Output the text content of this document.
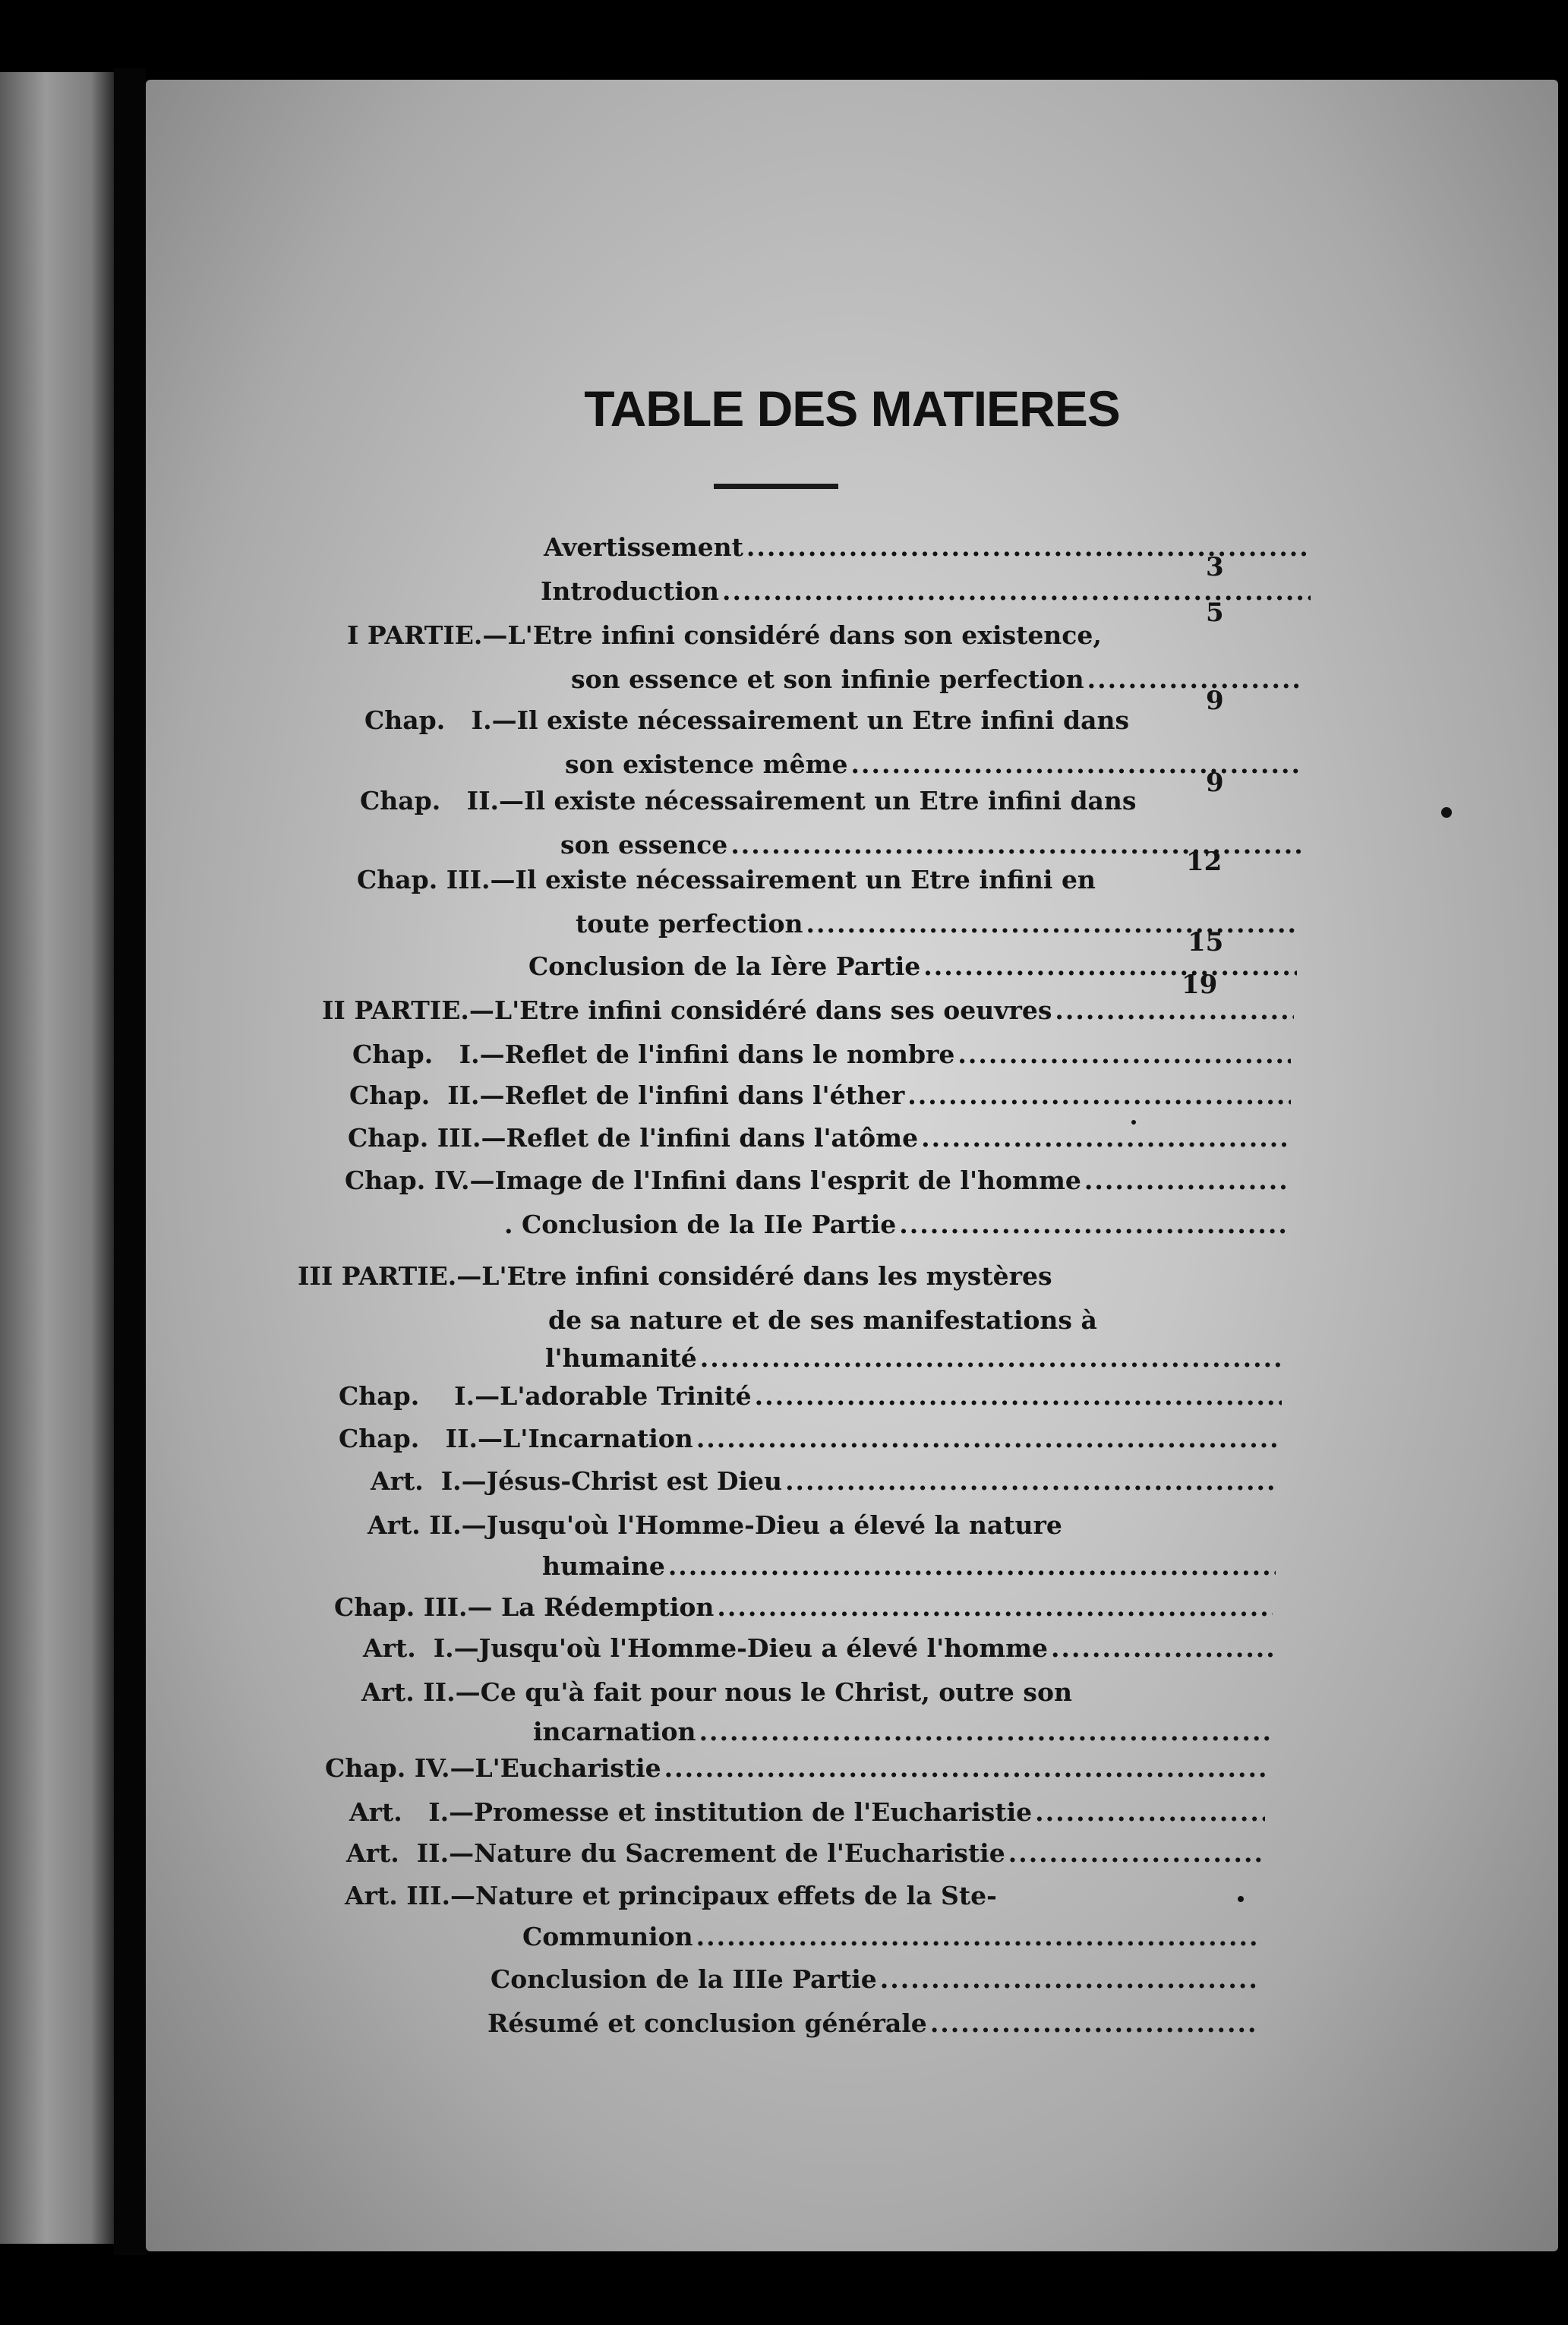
TABLE DES MATIERES
Avertissement
.....
3
Introduction
.....
5
I PARTIE.—L'Etre infini considéré dans son existence,
son essence et son infinie perfection
.....
9
Chap. I.—Il existe nécessairement un Etre infini dans
son existence même
.....
9
Chap. II.—Il existe nécessairement un Etre infini dans
son essence
.....
12
Chap. III.—Il existe nécessairement un Etre infini en
toute perfection
.....
15
Conclusion de la Ière Partie
.....
19
II PARTIE.—L'Etre infini considéré dans ses oeuvres
.....
Chap. I.—Reflet de l'infini dans le nombre
.....
Chap. II.—Reflet de l'infini dans l'éther
.....
Chap. III.—Reflet de l'infini dans l'atôme
.....
Chap. IV.—Image de l'Infini dans l'esprit de l'homme
.....
. Conclusion de la IIe Partie
.....
III PARTIE.—L'Etre infini considéré dans les mystères
de sa nature et de ses manifestations à
l'humanité
.....
Chap. I.—L'adorable Trinité
.....
Chap. II.—L'Incarnation
.....
Art. I.—Jésus-Christ est Dieu
.....
Art. II.—Jusqu'où l'Homme-Dieu a élevé la nature
humaine
.....
Chap. III.— La Rédemption
.....
Art. I.—Jusqu'où l'Homme-Dieu a élevé l'homme
.....
Art. II.—Ce qu'à fait pour nous le Christ, outre son
incarnation
.....
Chap. IV.—L'Eucharistie
.....
Art. I.—Promesse et institution de l'Eucharistie
.....
Art. II.—Nature du Sacrement de l'Eucharistie
.....
Art. III.—Nature et principaux effets de la Ste-
Communion
.....
Conclusion de la IIIe Partie
.....
Résumé et conclusion générale
.....
